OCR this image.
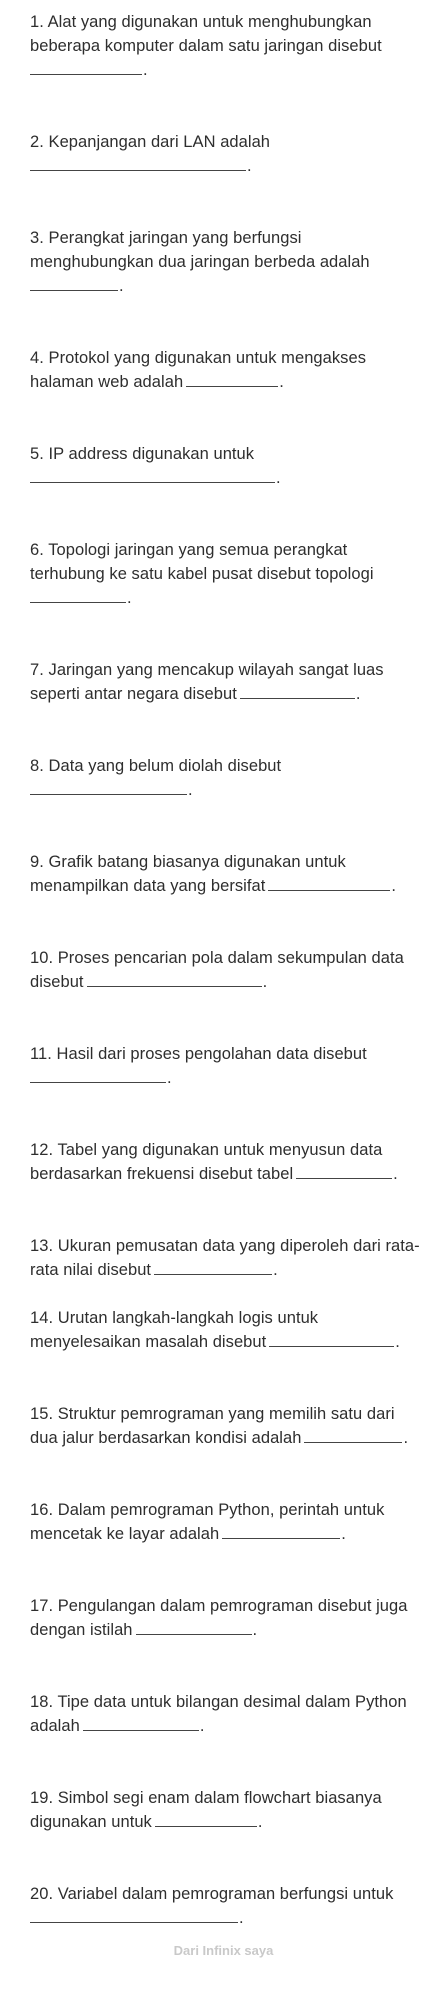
1. Alat yang digunakan untuk menghubungkan beberapa komputer dalam satu jaringan disebut
.
2. Kepanjangan dari LAN adalah
.
3. Perangkat jaringan yang berfungsi menghubungkan dua jaringan berbeda adalah
.
4. Protokol yang digunakan untuk mengakses halaman web adalah	.
5. IP address digunakan untuk
.
6. Topologi jaringan yang semua perangkat terhubung ke satu kabel pusat disebut topologi
.
7. Jaringan yang mencakup wilayah sangat luas seperti antar negara disebut	.
8. Data yang belum diolah disebut
.
9. Grafik batang biasanya digunakan untuk menampilkan data yang bersifat	.
10. Proses pencarian pola dalam sekumpulan data disebut	.
11. Hasil dari proses pengolahan data disebut
.
12. Tabel yang digunakan untuk menyusun data berdasarkan frekuensi disebut tabel	.
13. Ukuran pemusatan data yang diperoleh dari rata-rata nilai disebut	.
14. Urutan langkah-langkah logis untuk menyelesaikan masalah disebut	.
15. Struktur pemrograman yang memilih satu dari dua jalur berdasarkan kondisi adalah	.
16. Dalam pemrograman Python, perintah untuk mencetak ke layar adalah	.
17. Pengulangan dalam pemrograman disebut juga dengan istilah	.
18. Tipe data untuk bilangan desimal dalam Python adalah	.
19. Simbol segi enam dalam flowchart biasanya digunakan untuk	.
20. Variabel dalam pemrograman berfungsi untuk
.
Dari Infinix saya
